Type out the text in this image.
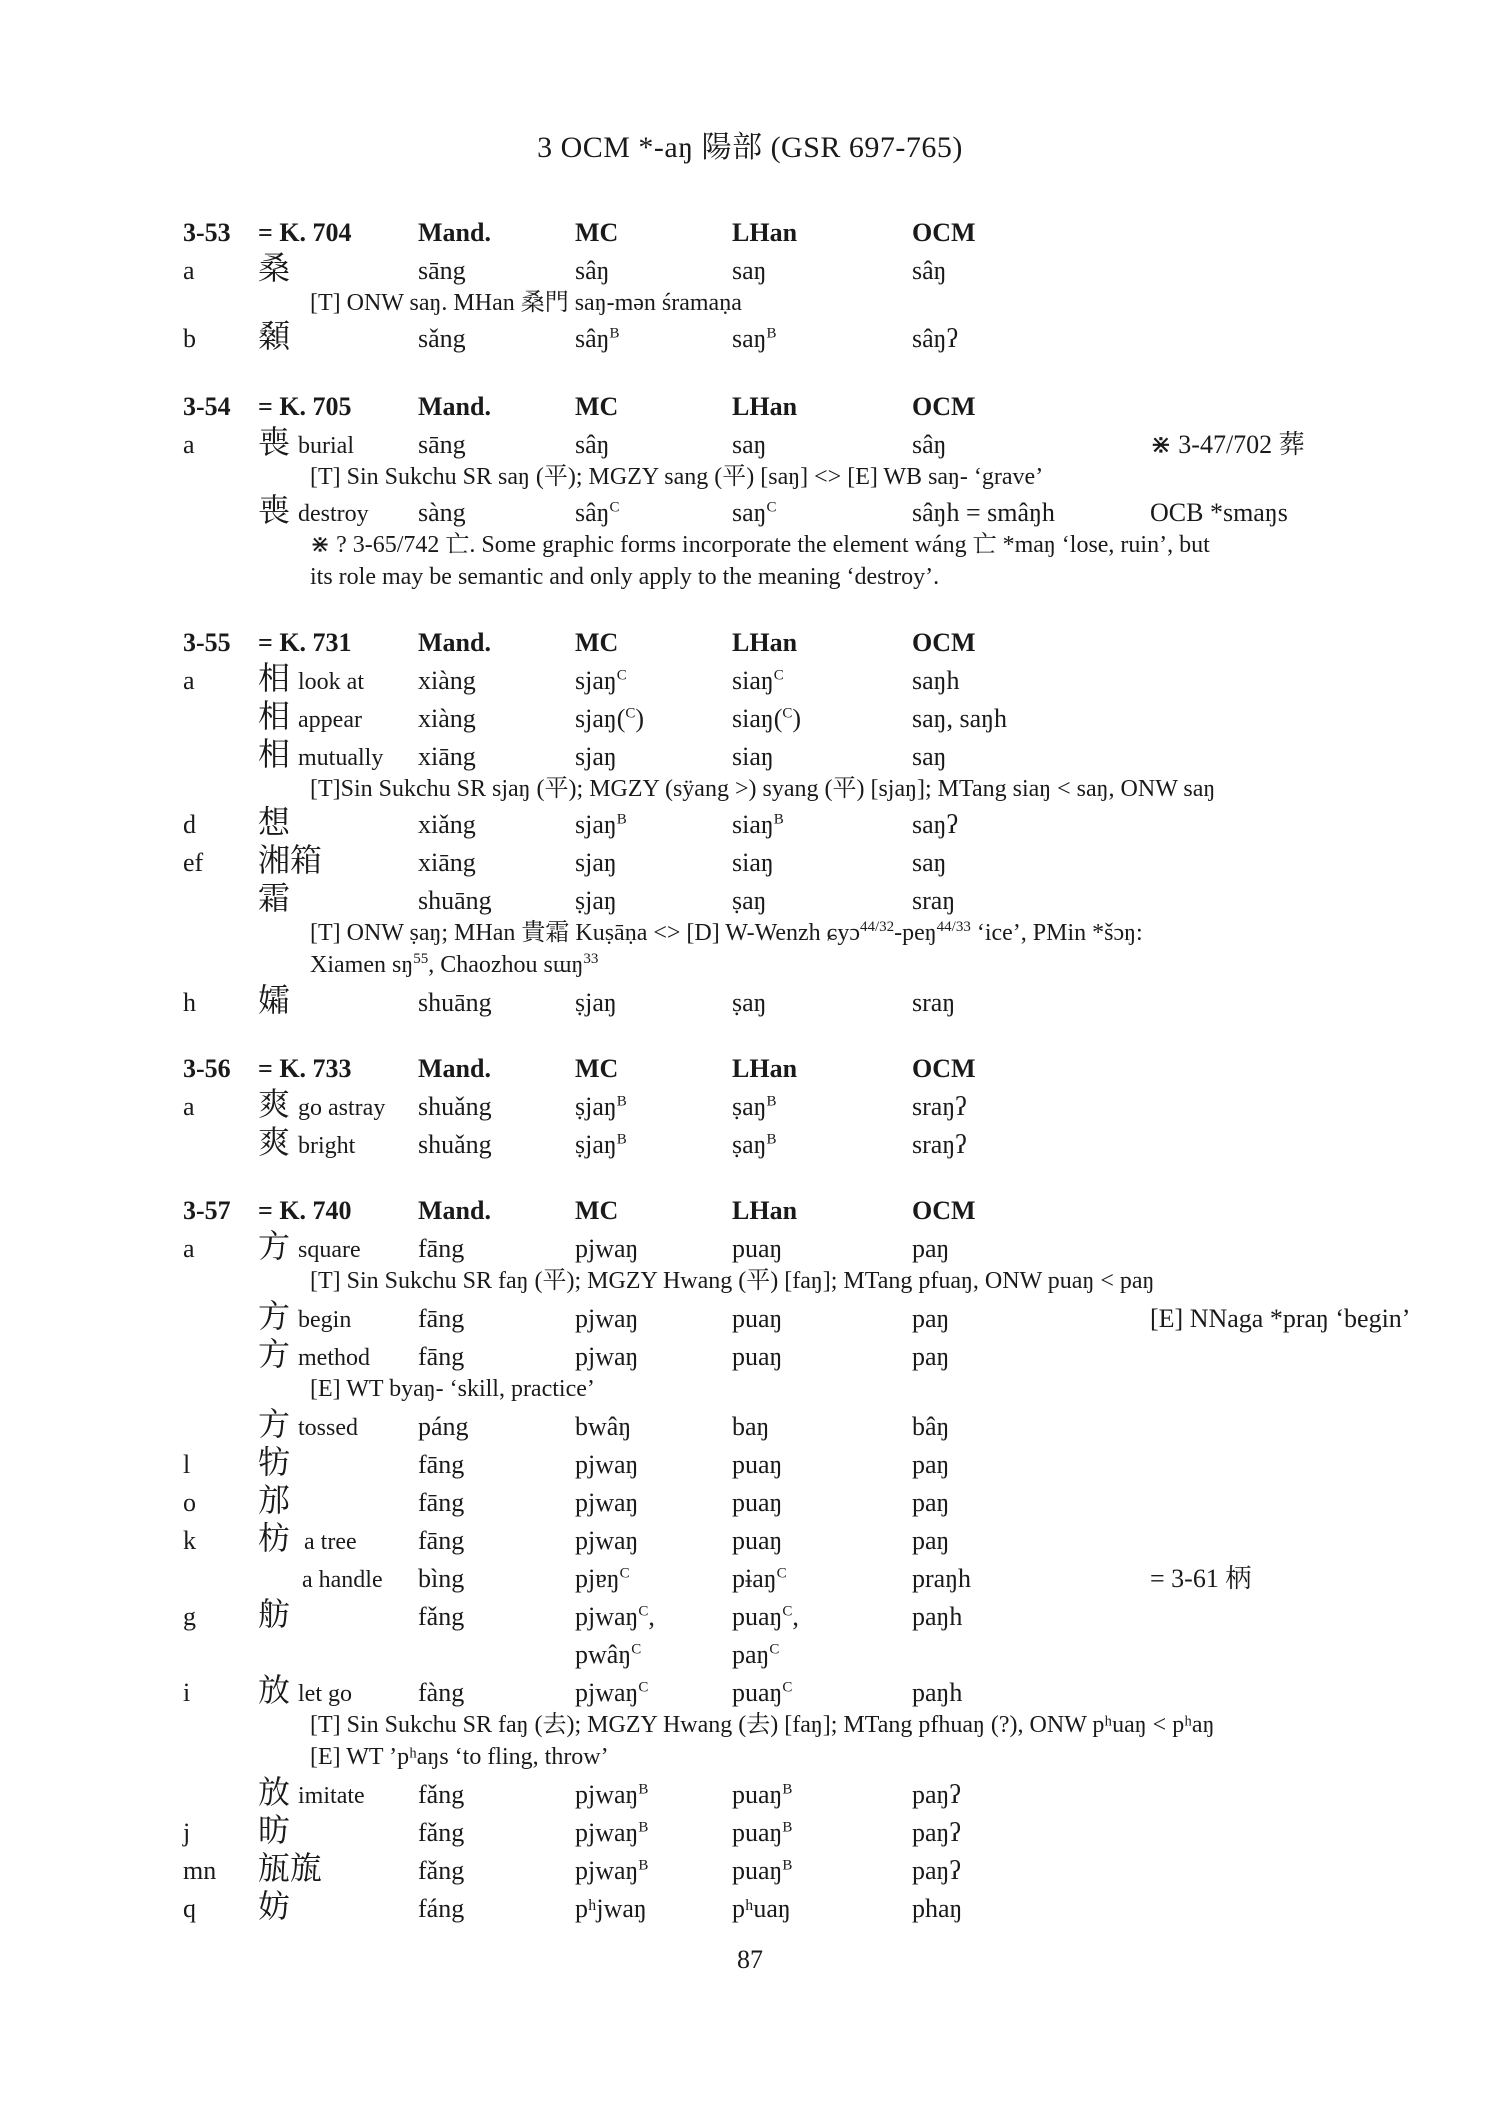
3 OCM *-aŋ 陽部 (GSR 697-765)
3-53 = K. 704	Mand.	MC	LHan	OCM
a 桑	sāng	sâŋ	saŋ	sâŋ
[T] ONW saŋ. MHan 桑門 saŋ-mən śramaṇa
b 顙	sǎng	sâŋ$^B$	saŋ$^B$	sâŋʔ
3-54 = K. 705	Mand.	MC	LHan	OCM
a 喪 burial sāng	sâŋ	saŋ	sâŋ	⋇ 3-47/702 葬
[T] Sin Sukchu SR saŋ (平); MGZY sang (平) [saŋ] <> [E] WB saŋ- ‘grave’
喪 destroy sàng	sâŋ$^C$	saŋ$^C$	sâŋh = smâŋh	OCB *smaŋs
⋇ ? 3-65/742 亡. Some graphic forms incorporate the element wáng 亡 *maŋ ‘lose, ruin’, but
its role may be semantic and only apply to the meaning ‘destroy’.
3-55 = K. 731	Mand.	MC	LHan	OCM
a 相 look at xiàng	sjaŋ$^C$	siaŋ$^C$	saŋh
相 appear xiàng	sjaŋ($^C$)	siaŋ($^C$)	saŋ, saŋh
相 mutually xiāng	sjaŋ	siaŋ	saŋ
[T]Sin Sukchu SR sjaŋ (平); MGZY (sÿang >) syang (平) [sjaŋ]; MTang siaŋ < saŋ, ONW saŋ
d 想	xiǎng	sjaŋ$^B$	siaŋ$^B$	saŋʔ
ef 湘箱	xiāng	sjaŋ	siaŋ	saŋ
霜	shuāng	ṣjaŋ	ṣaŋ	sraŋ
[T] ONW ṣaŋ; MHan 貴霜 Kuṣāṇa <> [D] W-Wenzh ɕyɔ$^{44/32}$-peŋ$^{44/33}$ ‘ice’, PMin *šɔŋ:
Xiamen $sŋ^{55}$, Chaozhou sɯŋ$^{33}$
h 孀	shuāng	ṣjaŋ	ṣaŋ	sraŋ
3-56 = K. 733	Mand.	MC	LHan	OCM
a 爽 go astray shuǎng	ṣjaŋ$^B$	ṣaŋ$^B$	sraŋʔ
爽 bright shuǎng	ṣjaŋ$^B$	ṣaŋ$^B$	sraŋʔ
3-57 = K. 740	Mand.	MC	LHan	OCM
a 方 square fāng	pjwaŋ	puaŋ	paŋ
[T] Sin Sukchu SR faŋ (平); MGZY Hwang (平) [faŋ]; MTang pfuaŋ, ONW puaŋ < paŋ
方 begin	fāng	pjwaŋ	puaŋ	paŋ	[E] NNaga *praŋ ‘begin’
方 method fāng	pjwaŋ	puaŋ	paŋ
[E] WT byaŋ- ‘skill, practice’
方 tossed páng	bwâŋ	baŋ	bâŋ
l 牥	fāng	pjwaŋ	puaŋ	paŋ
o 邡	fāng	pjwaŋ	puaŋ	paŋ
k 枋  a tree fāng	pjwaŋ	puaŋ	paŋ
a handle bìng	pjɐŋ$^C$	pɨaŋ$^C$	praŋh	= 3-61 柄
g 舫	fǎng	pjwaŋ$^C$,	puaŋ$^C$,	paŋh
pwâŋ$^C$	paŋ$^C$
i 放 let go	fàng	pjwaŋ$^C$	puaŋ$^C$	paŋh
[T] Sin Sukchu SR faŋ (去); MGZY Hwang (去) [faŋ]; MTang pfhuaŋ (?), ONW pʰuaŋ < pʰaŋ
[E] WT ’pʰaŋs ‘to fling, throw’
放 imitate fǎng	pjwaŋ$^B$	puaŋ$^B$	paŋʔ
j 昉	fǎng	pjwaŋ$^B$	puaŋ$^B$	paŋʔ
mn 瓬旊	fǎng	pjwaŋ$^B$	puaŋ$^B$	paŋʔ
q 妨	fáng	pʰjwaŋ	pʰuaŋ	phaŋ
87
